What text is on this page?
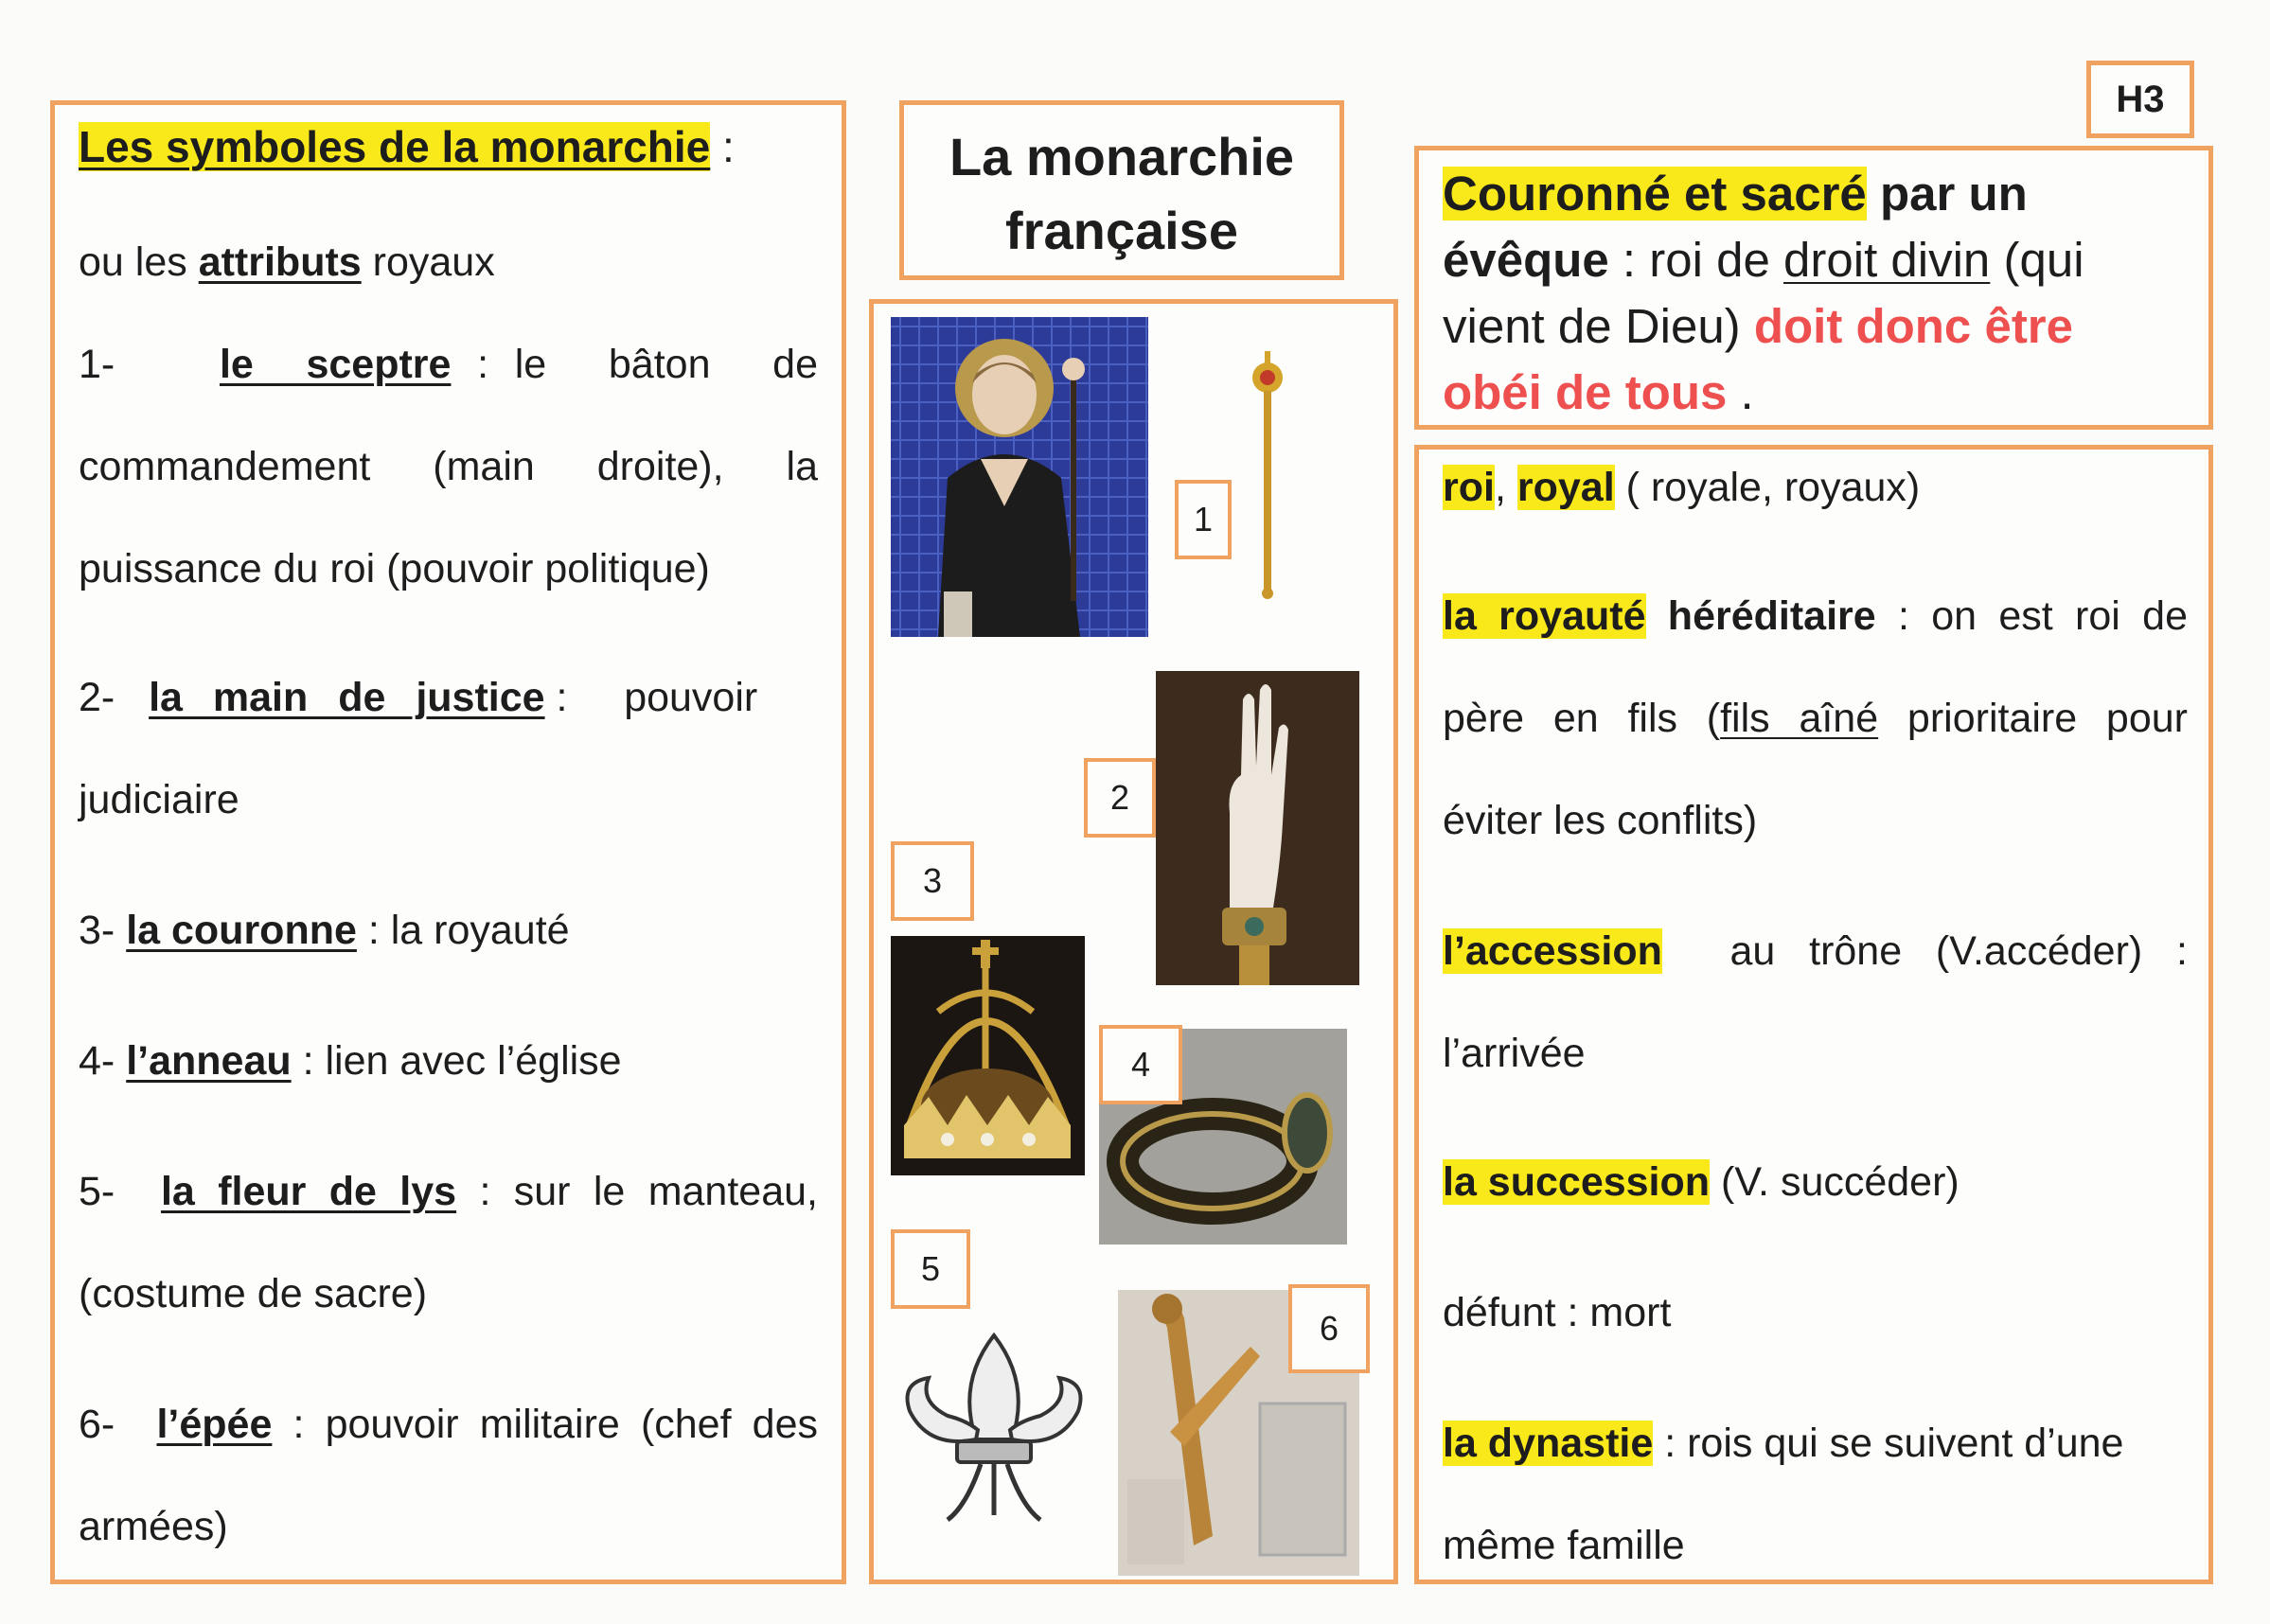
H3
La monarchie
française
Les symboles de la monarchie :
ou les attributs royaux
1-	le sceptre : le bâton de
commandement (main droite), la
puissance du roi (pouvoir politique)
2- la main de justice :     pouvoir
judiciaire
3- la couronne : la royauté
4- l’anneau : lien avec l’église
5- la fleur de lys : sur le manteau,
(costume de sacre)
6- l’épée : pouvoir militaire (chef des
armées)
1
2
3
4
5
6
Couronné et sacré par un
évêque : roi de droit divin (qui
vient de Dieu) doit donc être
obéi de tous .
roi, royal ( royale, royaux)
la royauté héréditaire : on est roi de
père en fils (fils aîné prioritaire pour
éviter les conflits)
l’accession au trône (V.accéder) :
l’arrivée
la succession (V. succéder)
défunt : mort
la dynastie : rois qui se suivent d’une
même famille
